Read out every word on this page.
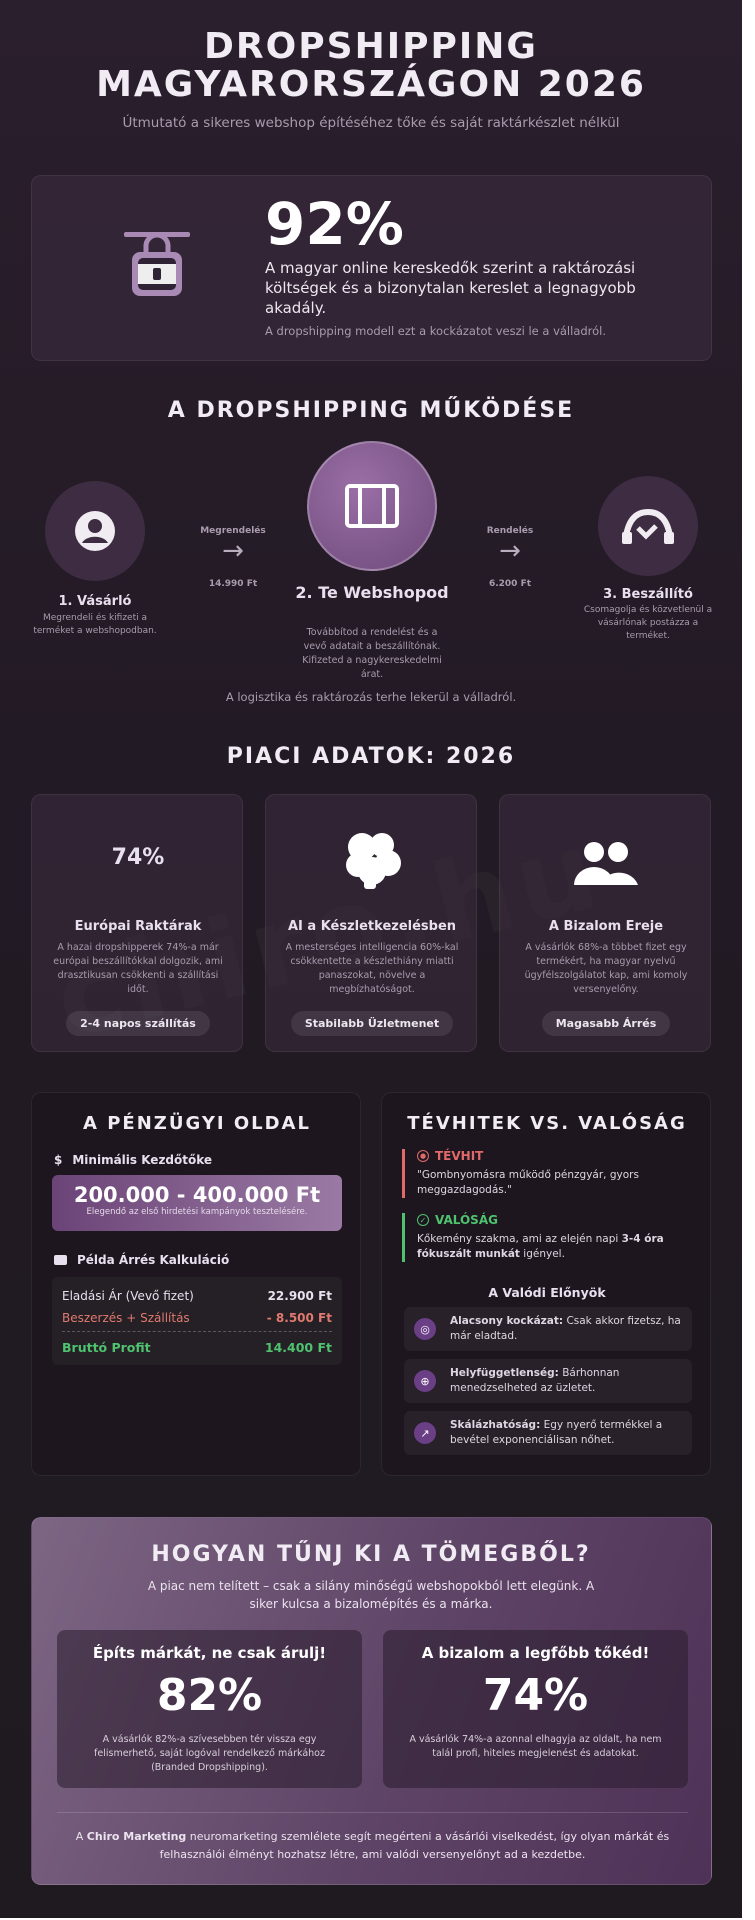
DROPSHIPPING
MAGYARORSZÁGON 2026
Útmutató a sikeres webshop építéséhez tőke és saját raktárkészlet nélkül
92%
A magyar online kereskedők szerint a raktározási költségek és a bizonytalan kereslet a legnagyobb akadály.
A dropshipping modell ezt a kockázatot veszi le a válladról.
A DROPSHIPPING MŰKÖDÉSE
1. Vásárló
Megrendeli és kifizeti a terméket a webshopodban.
Megrendelés
→
14.990 Ft	2. Te Webshopod
Továbbítod a rendelést és a vevő adatait a beszállítónak. Kifizeted a nagykereskedelmi árat.
Rendelés
→
6.200 Ft
3. Beszállító
Csomagolja és közvetlenül a vásárlónak postázza a terméket.
A logisztika és raktározás terhe lekerül a válladról.
PIACI ADATOK: 2026
74%
Európai Raktárak
A hazai dropshipperek 74%-a már európai beszállítókkal dolgozik, ami drasztikusan csökkenti a szállítási időt.
2-4 napos szállítás
AI a Készletkezelésben
A mesterséges intelligencia 60%-kal csökkentette a készlethiány miatti panaszokat, növelve a megbízhatóságot.
Stabilabb Üzletmenet
A Bizalom Ereje
A vásárlók 68%-a többet fizet egy termékért, ha magyar nyelvű ügyfélszolgálatot kap, ami komoly versenyelőny.
Magasabb Árrés
A PÉNZÜGYI OLDAL
$ Minimális Kezdőtőke
200.000 - 400.000 Ft
Elegendő az első hirdetési kampányok tesztelésére.
Példa Árrés Kalkuláció
Eladási Ár (Vevő fizet)	22.900 Ft
Beszerzés + Szállítás	- 8.500 Ft
Bruttó Profit	14.400 Ft
TÉVHITEK VS. VALÓSÁG
● TÉVHIT
"Gombnyomásra működő pénzgyár, gyors meggazdagodás."
✓ VALÓSÁG
Kőkemény szakma, ami az elején napi 3-4 óra fókuszált munkát igényel.
A Valódi Előnyök
◎
Alacsony kockázat: Csak akkor fizetsz, ha már eladtad.
⊕
Helyfüggetlenség: Bárhonnan menedzselheted az üzletet.
↗
Skálázhatóság: Egy nyerő termékkel a bevétel exponenciálisan nőhet.
HOGYAN TŰNJ KI A TÖMEGBŐL?
A piac nem telített – csak a silány minőségű webshopokból lett elegünk. A siker kulcsa a bizalomépítés és a márka.
Építs márkát, ne csak árulj!
82%
A vásárlók 82%-a szívesebben tér vissza egy felismerhető, saját logóval rendelkező márkához (Branded Dropshipping).
A bizalom a legfőbb tőkéd!
74%
A vásárlók 74%-a azonnal elhagyja az oldalt, ha nem talál profi, hiteles megjelenést és adatokat.
A Chiro Marketing neuromarketing szemlélete segít megérteni a vásárlói viselkedést, így olyan márkát és felhasználói élményt hozhatsz létre, ami valódi versenyelőnyt ad a kezdetbe.
